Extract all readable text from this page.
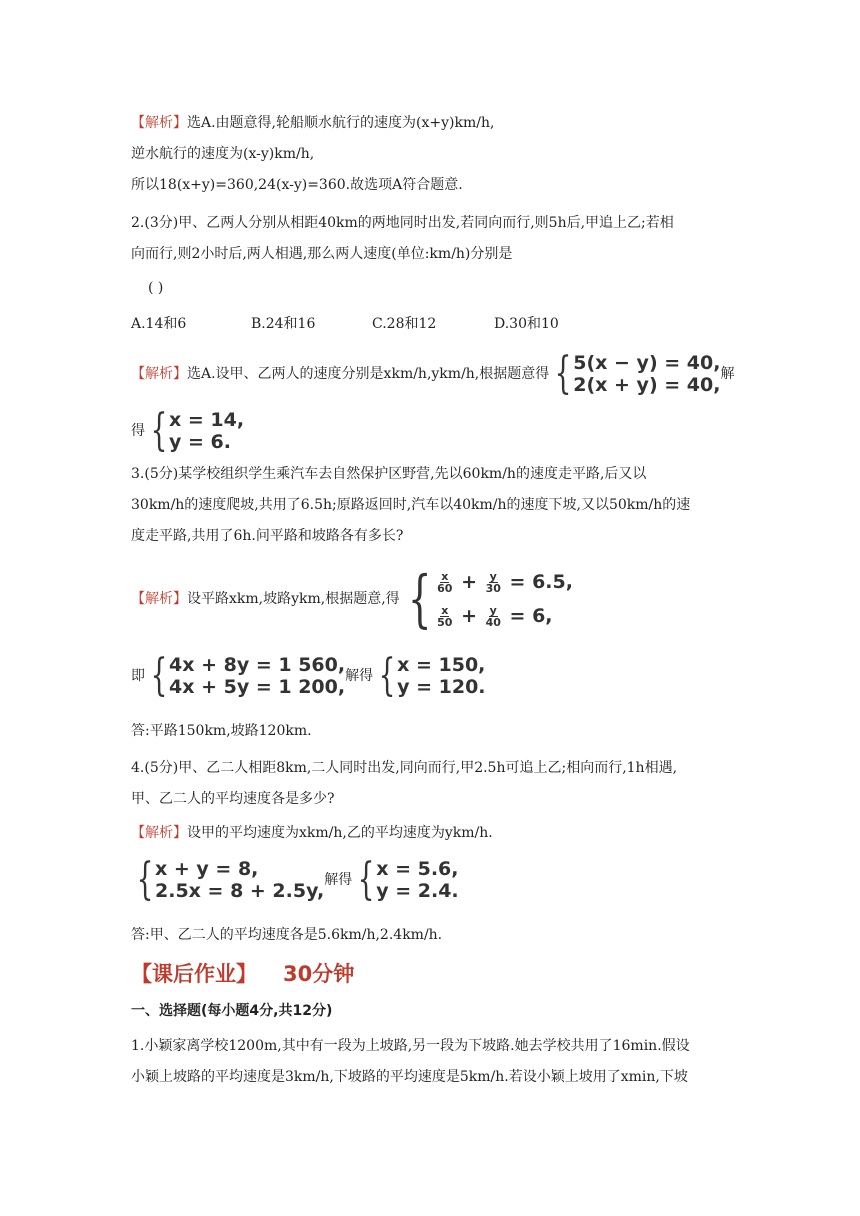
【解析】选A.由题意得,轮船顺水航行的速度为(x+y)km/h,
逆水航行的速度为(x-y)km/h,
所以18(x+y)=360,24(x-y)=360.故选项A符合题意.
2.(3分)甲、乙两人分别从相距40km的两地同时出发,若同向而行,则5h后,甲追上乙;若相
向而行,则2小时后,两人相遇,那么两人速度(单位:km/h)分别是
( )
A.14和6	B.24和16	C.28和12	D.30和10
【解析】 选A.设甲、乙两人的速度分别是xkm/h,ykm/h,根据题意得 { 5(x − y) = 40,
2(x + y) = 40, 解
得 { x = 14,
y = 6.
3.(5分)某学校组织学生乘汽车去自然保护区野营,先以60km/h的速度走平路,后又以
30km/h的速度爬坡,共用了6.5h;原路返回时,汽车以40km/h的速度下坡,又以50km/h的速
度走平路,共用了6h.问平路和坡路各有多长?
【解析】 设平路xkm,坡路ykm,根据题意,得 { $\frac{x}{60} + \frac{y}{30} = 6.5$,
$\frac{x}{50} + \frac{y}{40} = 6$,
即 { 4x + 8y = 1 560,
4x + 5y = 1 200, 解得 { x = 150,
y = 120.
答:平路150km,坡路120km.
4.(5分)甲、乙二人相距8km,二人同时出发,同向而行,甲2.5h可追上乙;相向而行,1h相遇,
甲、乙二人的平均速度各是多少?
【解析】设甲的平均速度为xkm/h,乙的平均速度为ykm/h.
{ x + y = 8,
2.5x = 8 + 2.5y, 解得 { x = 5.6,
y = 2.4.
答:甲、乙二人的平均速度各是5.6km/h,2.4km/h.
【课后作业】 30分钟
一、选择题(每小题4分,共12分)
1.小颖家离学校1200m,其中有一段为上坡路,另一段为下坡路.她去学校共用了16min.假设
小颖上坡路的平均速度是3km/h,下坡路的平均速度是5km/h.若设小颖上坡用了xmin,下坡
